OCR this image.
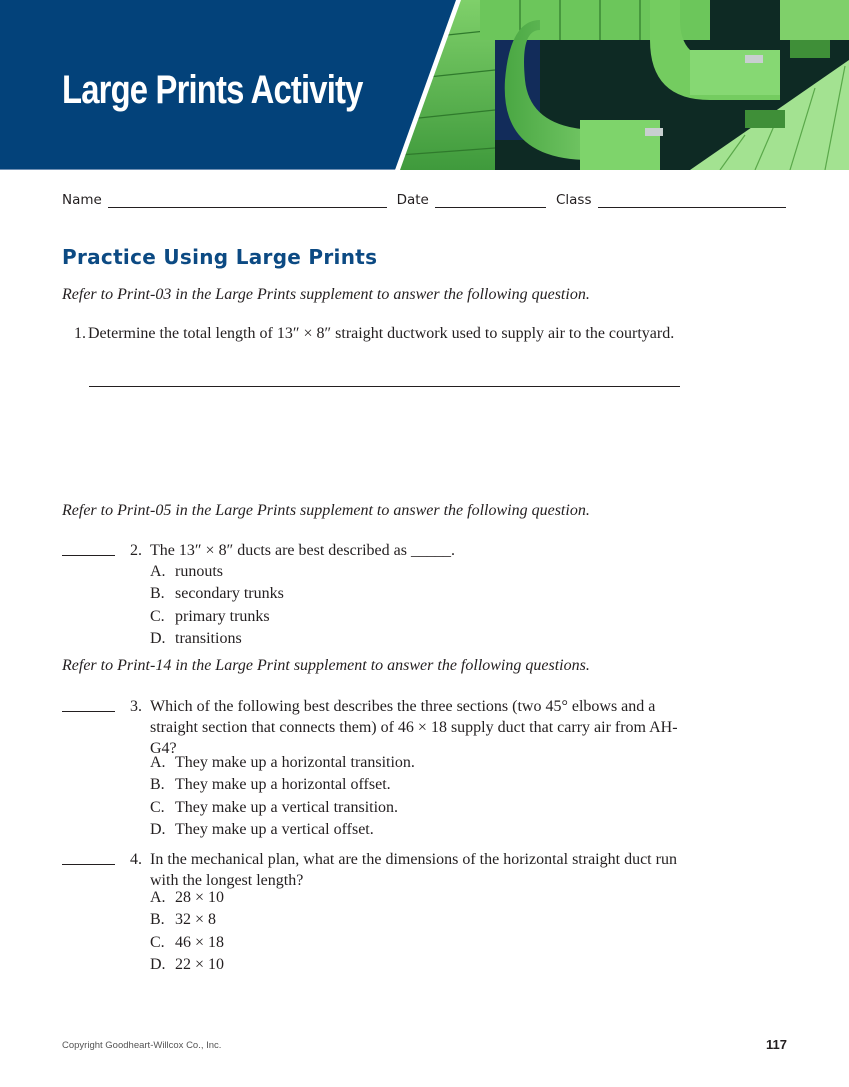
Large Prints Activity
Name	Date	Class
Practice Using Large Prints
Refer to Print-03 in the Large Prints supplement to answer the following question.
1. Determine the total length of 13″ × 8″ straight ductwork used to supply air to the courtyard.
Refer to Print-05 in the Large Prints supplement to answer the following question.
2. The 13″ × 8″ ducts are best described as _____.
A. runouts
B. secondary trunks
C. primary trunks
D. transitions
Refer to Print-14 in the Large Print supplement to answer the following questions.
3. Which of the following best describes the three sections (two 45° elbows and a straight section that connects them) of 46 × 18 supply duct that carry air from AH-G4?
A. They make up a horizontal transition.
B. They make up a horizontal offset.
C. They make up a vertical transition.
D. They make up a vertical offset.
4. In the mechanical plan, what are the dimensions of the horizontal straight duct run with the longest length?
A. 28 × 10
B. 32 × 8
C. 46 × 18
D. 22 × 10
Copyright Goodheart-Willcox Co., Inc.	117
